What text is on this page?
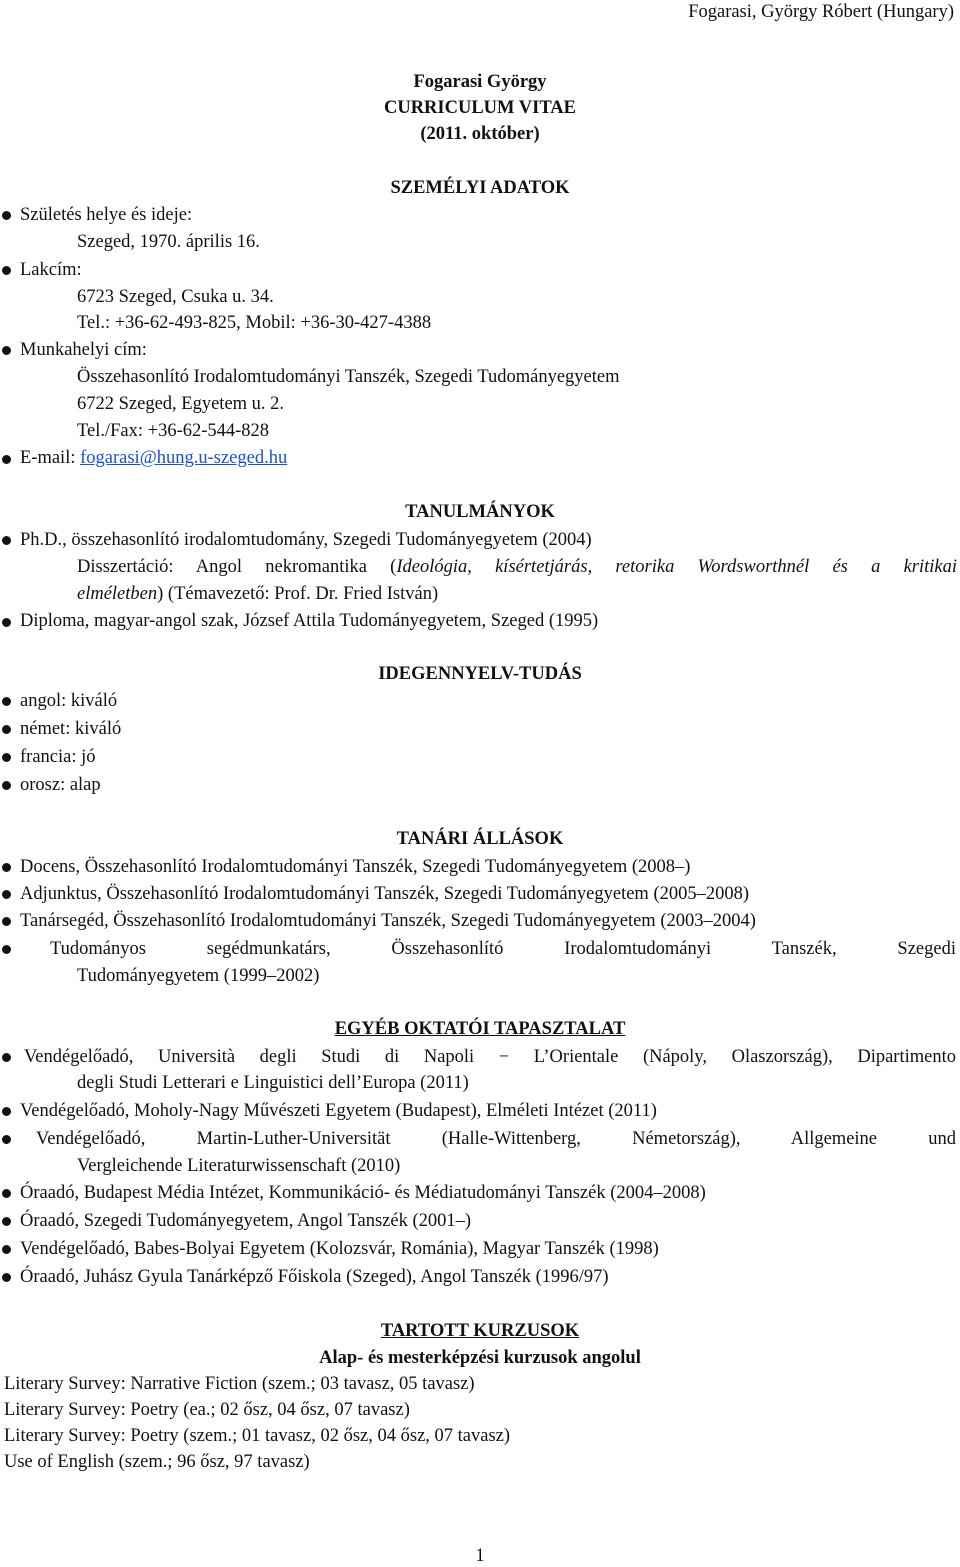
Fogarasi, György Róbert (Hungary)
Fogarasi György
CURRICULUM VITAE
(2011. október)
SZEMÉLYI ADATOK
Születés helye és ideje:
Szeged, 1970. április 16.
Lakcím:
6723 Szeged, Csuka u. 34.
Tel.: +36-62-493-825, Mobil: +36-30-427-4388
Munkahelyi cím:
Összehasonlító Irodalomtudományi Tanszék, Szegedi Tudományegyetem
6722 Szeged, Egyetem u. 2.
Tel./Fax: +36-62-544-828
E-mail: fogarasi@hung.u-szeged.hu
TANULMÁNYOK
Ph.D., összehasonlító irodalomtudomány, Szegedi Tudományegyetem (2004)
Disszertáció: Angol nekromantika (Ideológia, kísértetjárás, retorika Wordsworthnél és a kritikai
elméletben) (Témavezető: Prof. Dr. Fried István)
Diploma, magyar-angol szak, József Attila Tudományegyetem, Szeged (1995)
IDEGENNYELV-TUDÁS
angol: kiváló
német: kiváló
francia: jó
orosz: alap
TANÁRI ÁLLÁSOK
Docens, Összehasonlító Irodalomtudományi Tanszék, Szegedi Tudományegyetem (2008‒)
Adjunktus, Összehasonlító Irodalomtudományi Tanszék, Szegedi Tudományegyetem (2005‒2008)
Tanársegéd, Összehasonlító Irodalomtudományi Tanszék, Szegedi Tudományegyetem (2003‒2004)
Tudományos segédmunkatárs, Összehasonlító Irodalomtudományi Tanszék, Szegedi
Tudományegyetem (1999‒2002)
EGYÉB OKTATÓI TAPASZTALAT
Vendégelőadó, Università degli Studi di Napoli − L’Orientale (Nápoly, Olaszország), Dipartimento
degli Studi Letterari e Linguistici dell’Europa (2011)
Vendégelőadó, Moholy-Nagy Művészeti Egyetem (Budapest), Elméleti Intézet (2011)
Vendégelőadó, Martin-Luther-Universität (Halle-Wittenberg, Németország), Allgemeine und
Vergleichende Literaturwissenschaft (2010)
Óraadó, Budapest Média Intézet, Kommunikáció- és Médiatudományi Tanszék (2004‒2008)
Óraadó, Szegedi Tudományegyetem, Angol Tanszék (2001‒)
Vendégelőadó, Babes-Bolyai Egyetem (Kolozsvár, Románia), Magyar Tanszék (1998)
Óraadó, Juhász Gyula Tanárképző Főiskola (Szeged), Angol Tanszék (1996/97)
TARTOTT KURZUSOK
Alap- és mesterképzési kurzusok angolul
Literary Survey: Narrative Fiction (szem.; 03 tavasz, 05 tavasz)
Literary Survey: Poetry (ea.; 02 ősz, 04 ősz, 07 tavasz)
Literary Survey: Poetry (szem.; 01 tavasz, 02 ősz, 04 ősz, 07 tavasz)
Use of English (szem.; 96 ősz, 97 tavasz)
1
